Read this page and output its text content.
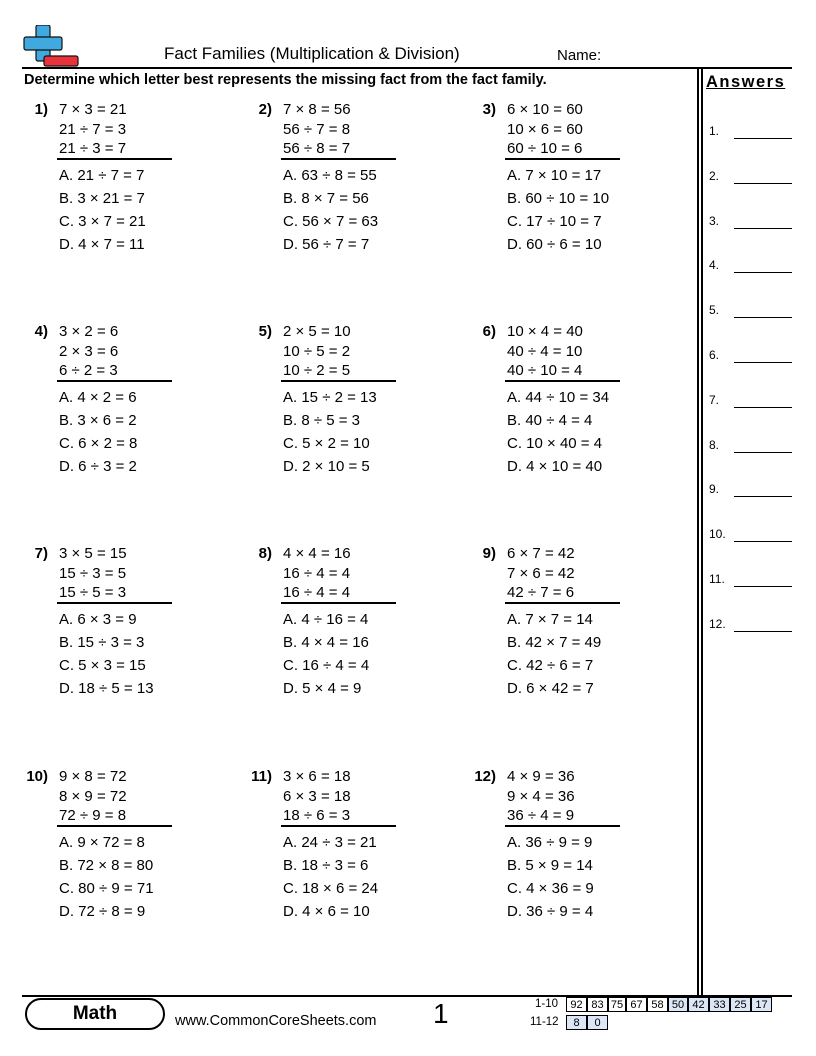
Fact Families (Multiplication & Division)	Name:
Determine which letter best represents the missing fact from the fact family.	Answers
1.
2.
3.
4.
5.
6.
7.
8.
9.
10.
11.
12.
1) 7 × 3 = 21
21 ÷ 7 = 3
21 ÷ 3 = 7
A. 21 ÷ 7 = 7
B. 3 × 21 = 7
C. 3 × 7 = 21
D. 4 × 7 = 11
2) 7 × 8 = 56
56 ÷ 7 = 8
56 ÷ 8 = 7
A. 63 ÷ 8 = 55
B. 8 × 7 = 56
C. 56 × 7 = 63
D. 56 ÷ 7 = 7
3) 6 × 10 = 60
10 × 6 = 60
60 ÷ 10 = 6
A. 7 × 10 = 17
B. 60 ÷ 10 = 10
C. 17 ÷ 10 = 7
D. 60 ÷ 6 = 10
4) 3 × 2 = 6
2 × 3 = 6
6 ÷ 2 = 3
A. 4 × 2 = 6
B. 3 × 6 = 2
C. 6 × 2 = 8
D. 6 ÷ 3 = 2
5) 2 × 5 = 10
10 ÷ 5 = 2
10 ÷ 2 = 5
A. 15 ÷ 2 = 13
B. 8 ÷ 5 = 3
C. 5 × 2 = 10
D. 2 × 10 = 5
6) 10 × 4 = 40
40 ÷ 4 = 10
40 ÷ 10 = 4
A. 44 ÷ 10 = 34
B. 40 ÷ 4 = 4
C. 10 × 40 = 4
D. 4 × 10 = 40
7) 3 × 5 = 15
15 ÷ 3 = 5
15 ÷ 5 = 3
A. 6 × 3 = 9
B. 15 ÷ 3 = 3
C. 5 × 3 = 15
D. 18 ÷ 5 = 13
8) 4 × 4 = 16
16 ÷ 4 = 4
16 ÷ 4 = 4
A. 4 ÷ 16 = 4
B. 4 × 4 = 16
C. 16 ÷ 4 = 4
D. 5 × 4 = 9
9) 6 × 7 = 42
7 × 6 = 42
42 ÷ 7 = 6
A. 7 × 7 = 14
B. 42 × 7 = 49
C. 42 ÷ 6 = 7
D. 6 × 42 = 7
10) 9 × 8 = 72
8 × 9 = 72
72 ÷ 9 = 8
A. 9 × 72 = 8
B. 72 × 8 = 80
C. 80 ÷ 9 = 71
D. 72 ÷ 8 = 9
11) 3 × 6 = 18
6 × 3 = 18
18 ÷ 6 = 3
A. 24 ÷ 3 = 21
B. 18 ÷ 3 = 6
C. 18 × 6 = 24
D. 4 × 6 = 10
12) 4 × 9 = 36
9 × 4 = 36
36 ÷ 4 = 9
A. 36 ÷ 9 = 9
B. 5 × 9 = 14
C. 4 × 36 = 9
D. 36 ÷ 9 = 4
Math	www.CommonCoreSheets.com 1	1-10	92 83 75 67 58 50 42 33 25 17
11-12	8	0
